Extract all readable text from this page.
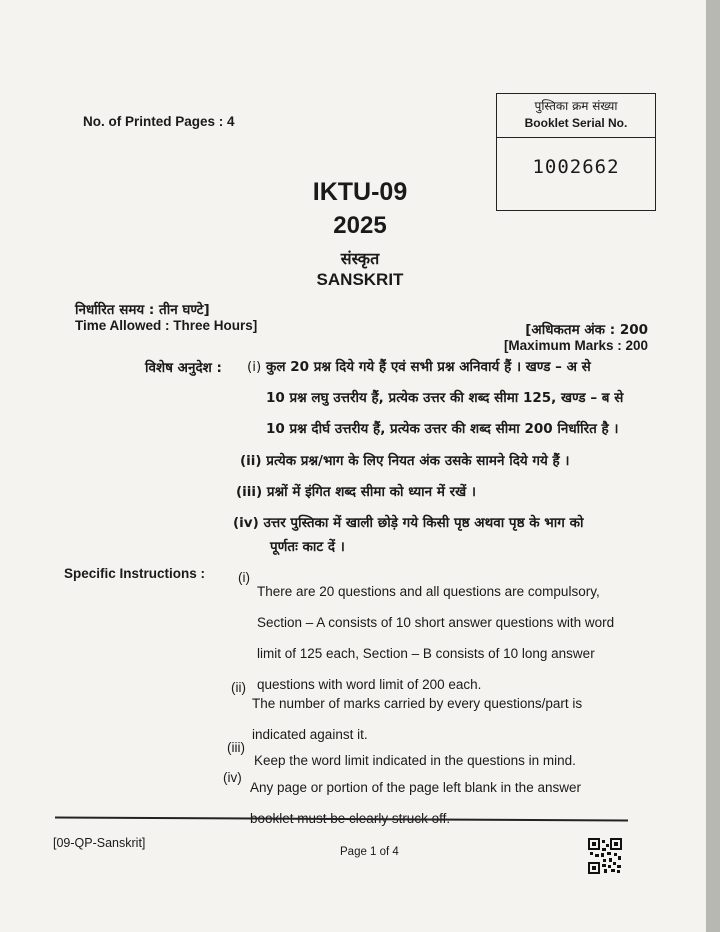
No. of Printed Pages : 4
पुस्तिका क्रम संख्या
Booklet Serial No.
1002662
IKTU-09
2025
संस्कृत
SANSKRIT
निर्धारित समय : तीन घण्टे]
Time Allowed : Three Hours]	[अधिकतम अंक : 200
[Maximum Marks : 200
विशेष अनुदेश : (i) कुल 20 प्रश्न दिये गये हैं एवं सभी प्रश्न अनिवार्य हैं । खण्ड – अ से
10 प्रश्न लघु उत्तरीय हैं, प्रत्येक उत्तर की शब्द सीमा 125, खण्ड – ब से
10 प्रश्न दीर्घ उत्तरीय हैं, प्रत्येक उत्तर की शब्द सीमा 200 निर्धारित है ।
(ii) प्रत्येक प्रश्न/भाग के लिए नियत अंक उसके सामने दिये गये हैं ।
(iii) प्रश्नों में इंगित शब्द सीमा को ध्यान में रखें ।
(iv) उत्तर पुस्तिका में खाली छोड़े गये किसी पृष्ठ अथवा पृष्ठ के भाग को
पूर्णतः काट दें ।
Specific Instructions : (i)
There are 20 questions and all questions are compulsory,
Section – A consists of 10 short answer questions with word
limit of 125 each, Section – B consists of 10 long answer
questions with word limit of 200 each.
(ii)
The number of marks carried by every questions/part is
indicated against it.
(iii)
Keep the word limit indicated in the questions in mind.
(iv)
Any page or portion of the page left blank in the answer
[09-QP-Sanskrit]
Page 1 of 4
